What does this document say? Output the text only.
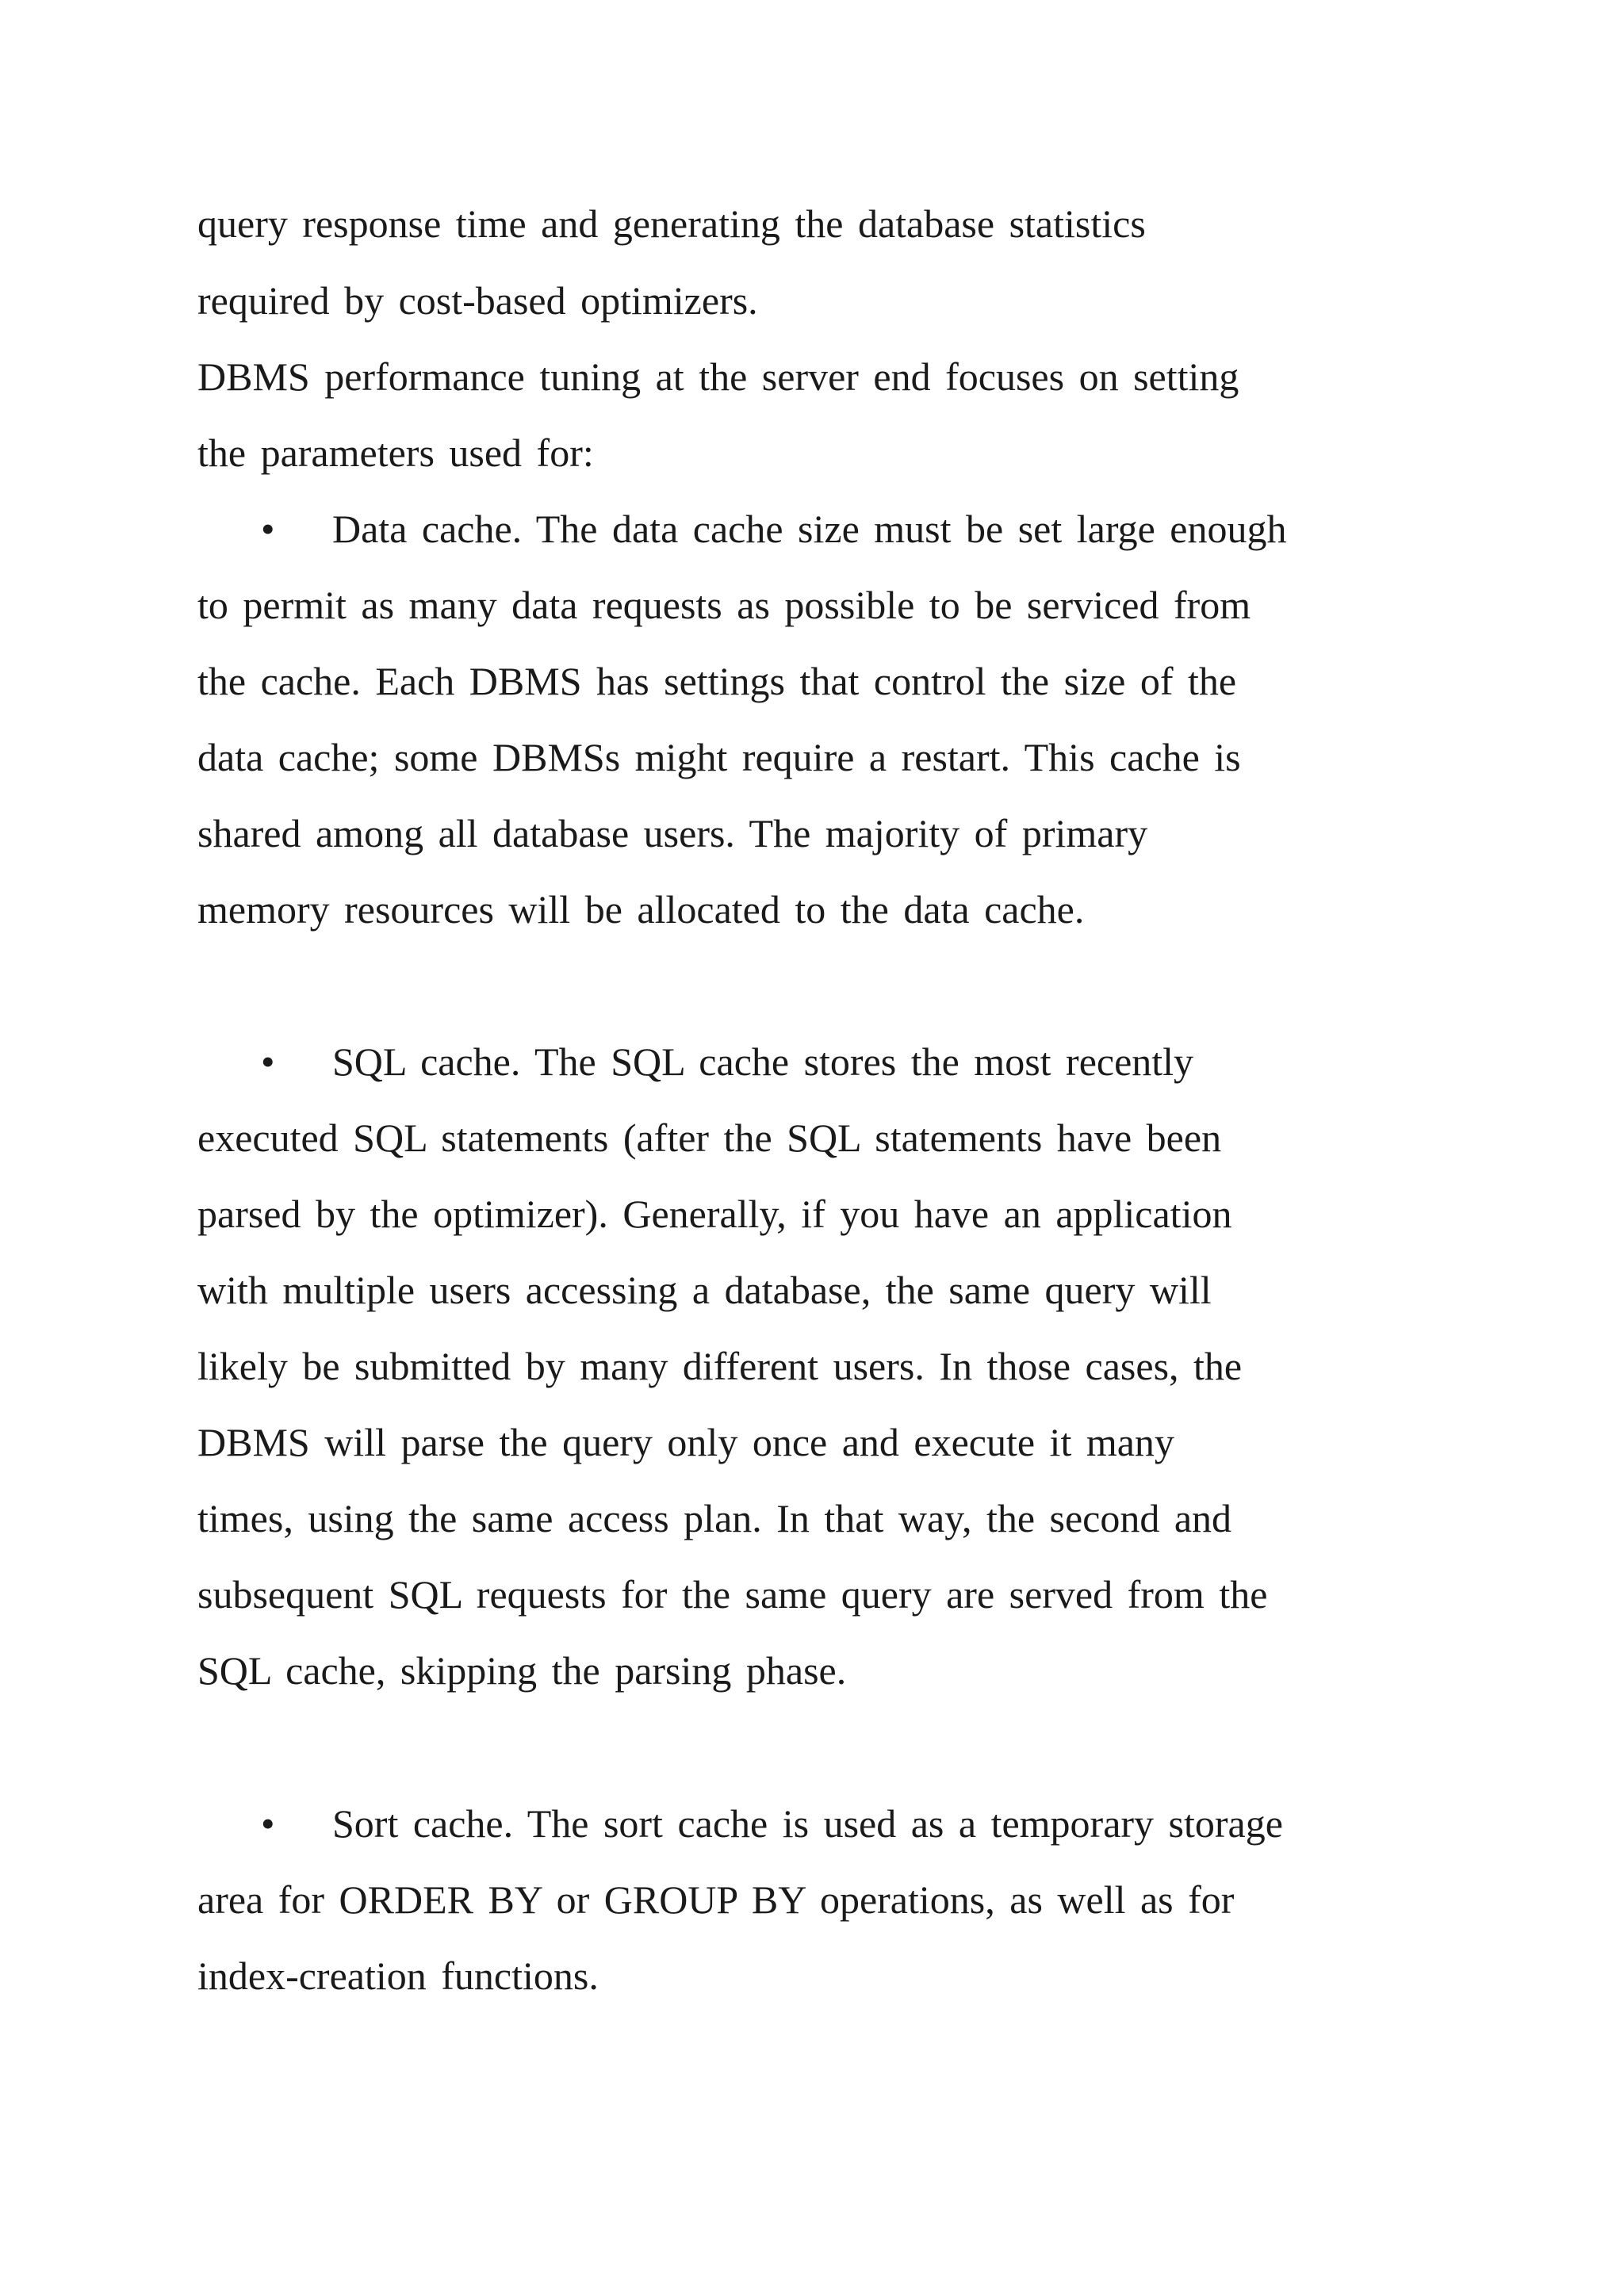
query response time and generating the database statistics
required by cost-based optimizers.
DBMS performance tuning at the server end focuses on setting
the parameters used for:
• Data cache. The data cache size must be set large enough
to permit as many data requests as possible to be serviced from
the cache. Each DBMS has settings that control the size of the
data cache; some DBMSs might require a restart. This cache is
shared among all database users. The majority of primary
memory resources will be allocated to the data cache.
• SQL cache. The SQL cache stores the most recently
executed SQL statements (after the SQL statements have been
parsed by the optimizer). Generally, if you have an application
with multiple users accessing a database, the same query will
likely be submitted by many different users. In those cases, the
DBMS will parse the query only once and execute it many
times, using the same access plan. In that way, the second and
subsequent SQL requests for the same query are served from the
SQL cache, skipping the parsing phase.
• Sort cache. The sort cache is used as a temporary storage
area for ORDER BY or GROUP BY operations, as well as for
index-creation functions.
